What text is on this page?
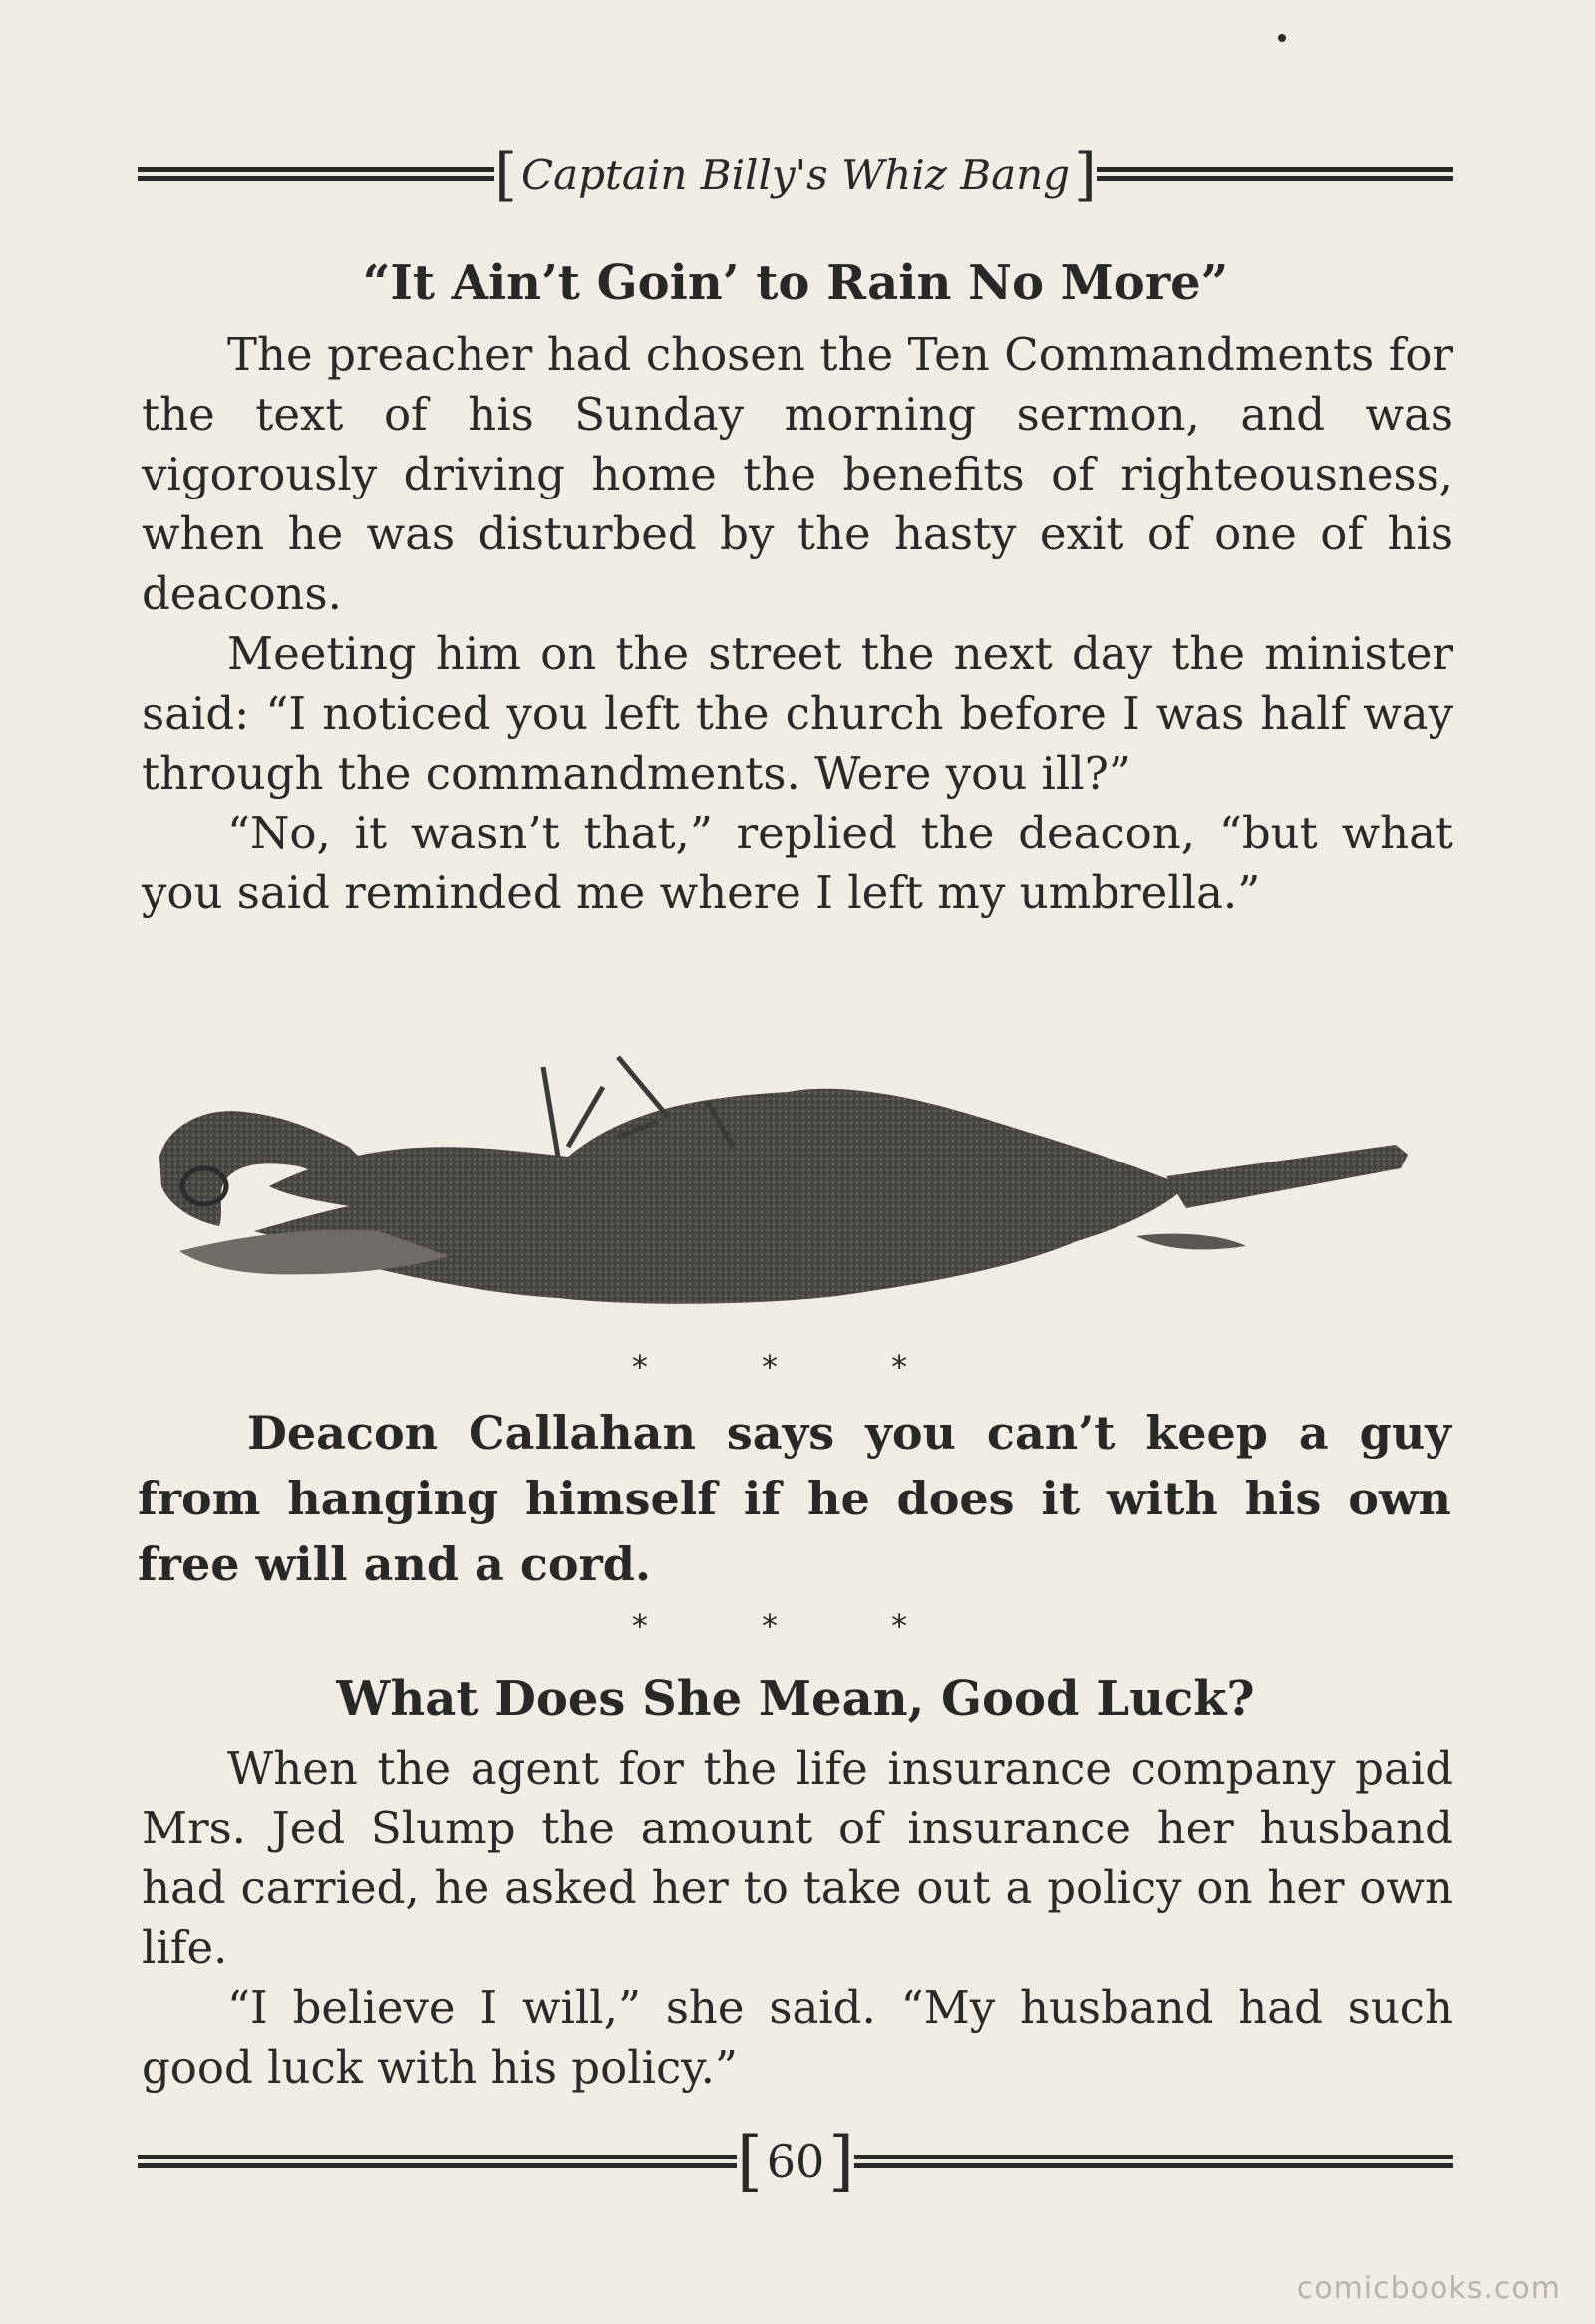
[ Captain Billy's Whiz Bang ]
“It Ain’t Goin’ to Rain No More”

The preacher had chosen the Ten Commandments for the text of his Sunday morning sermon, and was vigorously driving home the benefits of righteousness, when he was disturbed by the hasty exit of one of his deacons.

Meeting him on the street the next day the minister said: “I noticed you left the church before I was half way through the commandments. Were you ill?”

“No, it wasn’t that,” replied the deacon, “but what you said reminded me where I left my umbrella.”

* * *

Deacon Callahan says you can’t keep a guy from hanging himself if he does it with his own free will and a cord.

* * *
What Does She Mean, Good Luck?

When the agent for the life insurance company paid Mrs. Jed Slump the amount of insurance her husband had carried, he asked her to take out a policy on her own life.

“I believe I will,” she said. “My husband had such good luck with his policy.”

[ 60 ]
comicbooks.com
